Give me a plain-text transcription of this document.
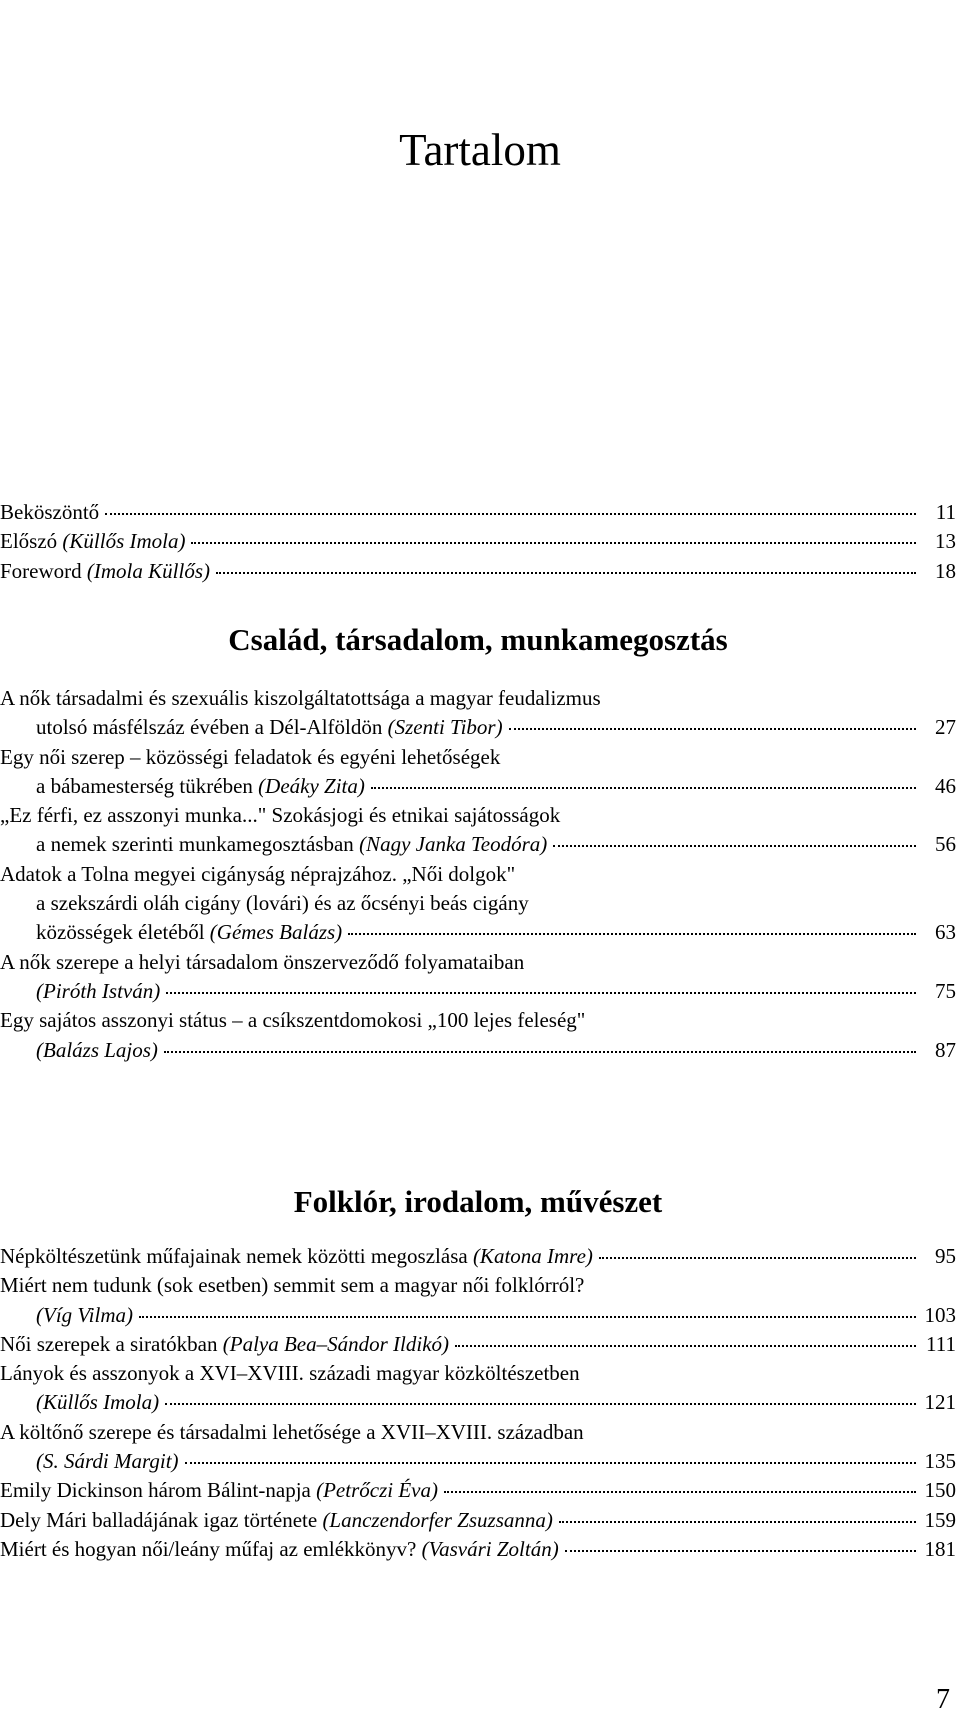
Tartalom
Beköszöntő	11
Előszó (Küllős Imola)	13
Foreword (Imola Küllős)	18
Család, társadalom, munkamegosztás
A nők társadalmi és szexuális kiszolgáltatottsága a magyar feudalizmus
utolsó másfélszáz évében a Dél-Alföldön (Szenti Tibor)	27
Egy női szerep – közösségi feladatok és egyéni lehetőségek
a bábamesterség tükrében (Deáky Zita)	46
„Ez férfi, ez asszonyi munka..." Szokásjogi és etnikai sajátosságok
a nemek szerinti munkamegosztásban (Nagy Janka Teodóra)	56
Adatok a Tolna megyei cigányság néprajzához. „Női dolgok"
a szekszárdi oláh cigány (lovári) és az őcsényi beás cigány
közösségek életéből (Gémes Balázs)	63
A nők szerepe a helyi társadalom önszerveződő folyamataiban
(Piróth István)	75
Egy sajátos asszonyi státus – a csíkszentdomokosi „100 lejes feleség"
(Balázs Lajos)	87
Folklór, irodalom, művészet
Népköltészetünk műfajainak nemek közötti megoszlása (Katona Imre)	95
Miért nem tudunk (sok esetben) semmit sem a magyar női folklórról?
(Víg Vilma)	103
Női szerepek a siratókban (Palya Bea–Sándor Ildikó)	111
Lányok és asszonyok a XVI–XVIII. századi magyar közköltészetben
(Küllős Imola)	121
A költőnő szerepe és társadalmi lehetősége a XVII–XVIII. században
(S. Sárdi Margit)	135
Emily Dickinson három Bálint-napja (Petrőczi Éva)	150
Dely Mári balladájának igaz története (Lanczendorfer Zsuzsanna)	159
Miért és hogyan női/leány műfaj az emlékkönyv? (Vasvári Zoltán)	181
7
